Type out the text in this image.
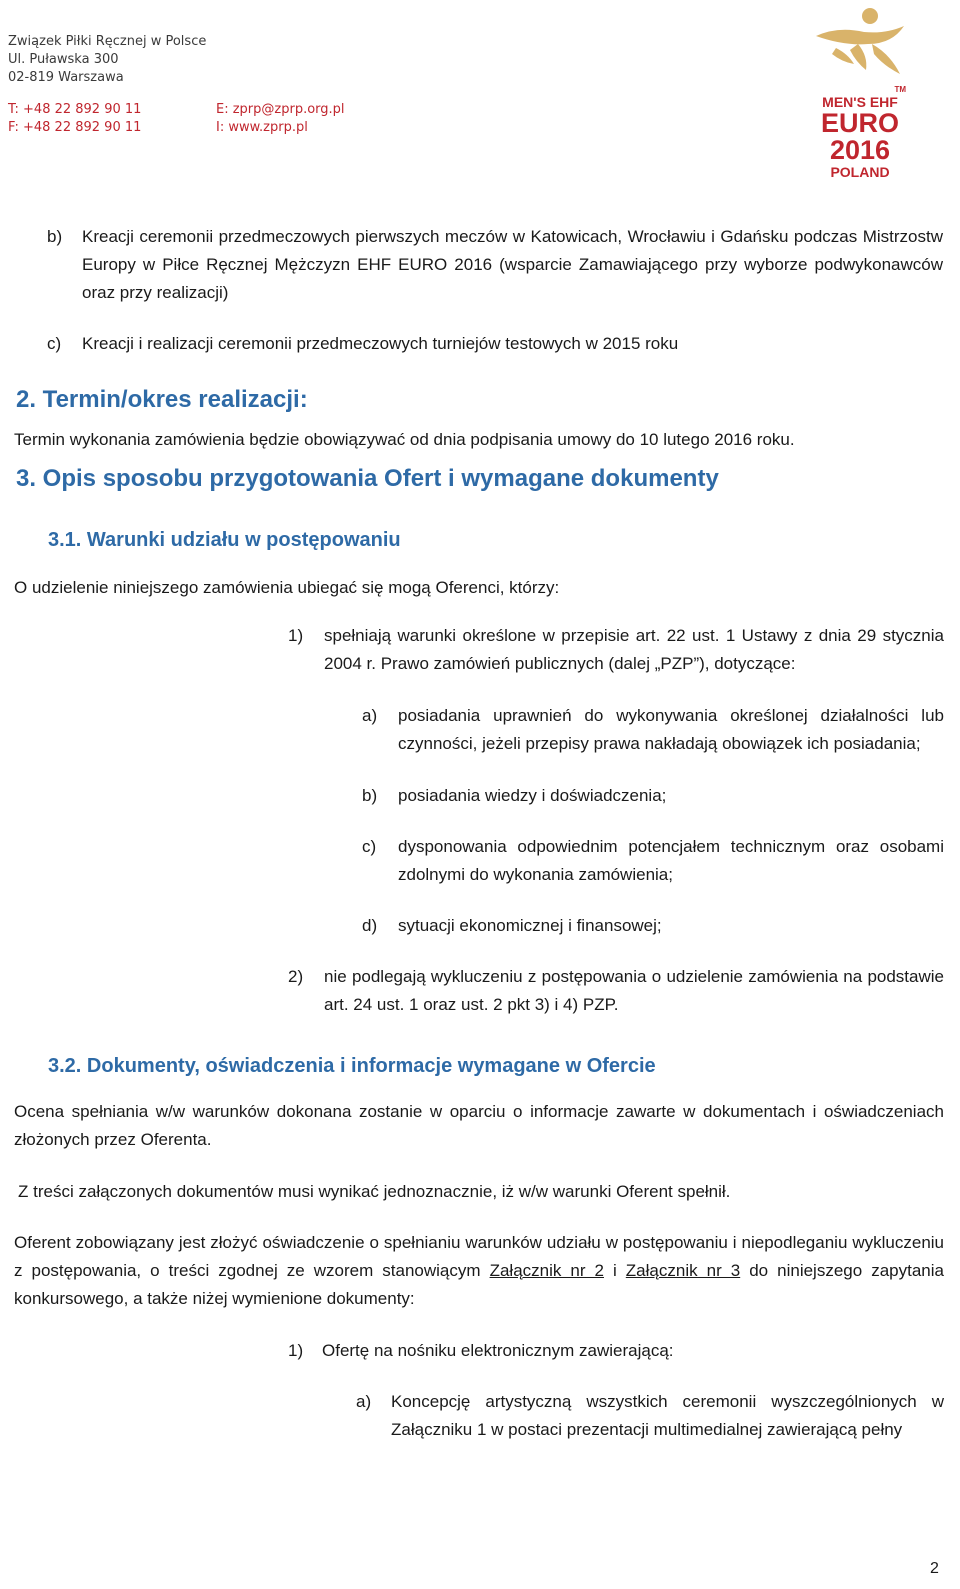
Związek Piłki Ręcznej w Polsce
Ul. Puławska 300
02-819 Warszawa
T: +48 22 892 90 11
F: +48 22 892 90 11
E: zprp@zprp.org.pl
I: www.zprp.pl
TM
MEN'S EHF
EURO
2016
POLAND
b) Kreacji ceremonii przedmeczowych pierwszych meczów w Katowicach, Wrocławiu i Gdańsku podczas Mistrzostw Europy w Piłce Ręcznej Mężczyzn EHF EURO 2016 (wsparcie Zamawiającego przy wyborze podwykonawców oraz przy realizacji)
c) Kreacji i realizacji ceremonii przedmeczowych turniejów testowych w 2015 roku
2. Termin/okres realizacji:
Termin wykonania zamówienia będzie obowiązywać od dnia podpisania umowy do 10 lutego 2016 roku.
3. Opis sposobu przygotowania Ofert i wymagane dokumenty
3.1. Warunki udziału w postępowaniu
O udzielenie niniejszego zamówienia ubiegać się mogą Oferenci, którzy:
1) spełniają warunki określone w przepisie art. 22 ust. 1 Ustawy z dnia 29 stycznia 2004 r. Prawo zamówień publicznych (dalej „PZP”), dotyczące:
a) posiadania uprawnień do wykonywania określonej działalności lub czynności, jeżeli przepisy prawa nakładają obowiązek ich posiadania;
b) posiadania wiedzy i doświadczenia;
c) dysponowania odpowiednim potencjałem technicznym oraz osobami zdolnymi do wykonania zamówienia;
d) sytuacji ekonomicznej i finansowej;
2) nie podlegają wykluczeniu z postępowania o udzielenie zamówienia na podstawie art. 24 ust. 1 oraz ust. 2 pkt 3) i 4) PZP.
3.2. Dokumenty, oświadczenia i informacje wymagane w Ofercie
Ocena spełniania w/w warunków dokonana zostanie w oparciu o informacje zawarte w dokumentach i oświadczeniach złożonych przez Oferenta.
Z treści załączonych dokumentów musi wynikać jednoznacznie, iż w/w warunki Oferent spełnił.
Oferent zobowiązany jest złożyć oświadczenie o spełnianiu warunków udziału w postępowaniu i niepodleganiu wykluczeniu z postępowania, o treści zgodnej ze wzorem stanowiącym Załącznik nr 2 i Załącznik nr 3 do niniejszego zapytania konkursowego, a także niżej wymienione dokumenty:
1) Ofertę na nośniku elektronicznym zawierającą:
a) Koncepcję artystyczną wszystkich ceremonii wyszczególnionych w Załączniku 1 w postaci prezentacji multimedialnej zawierającą pełny
2
